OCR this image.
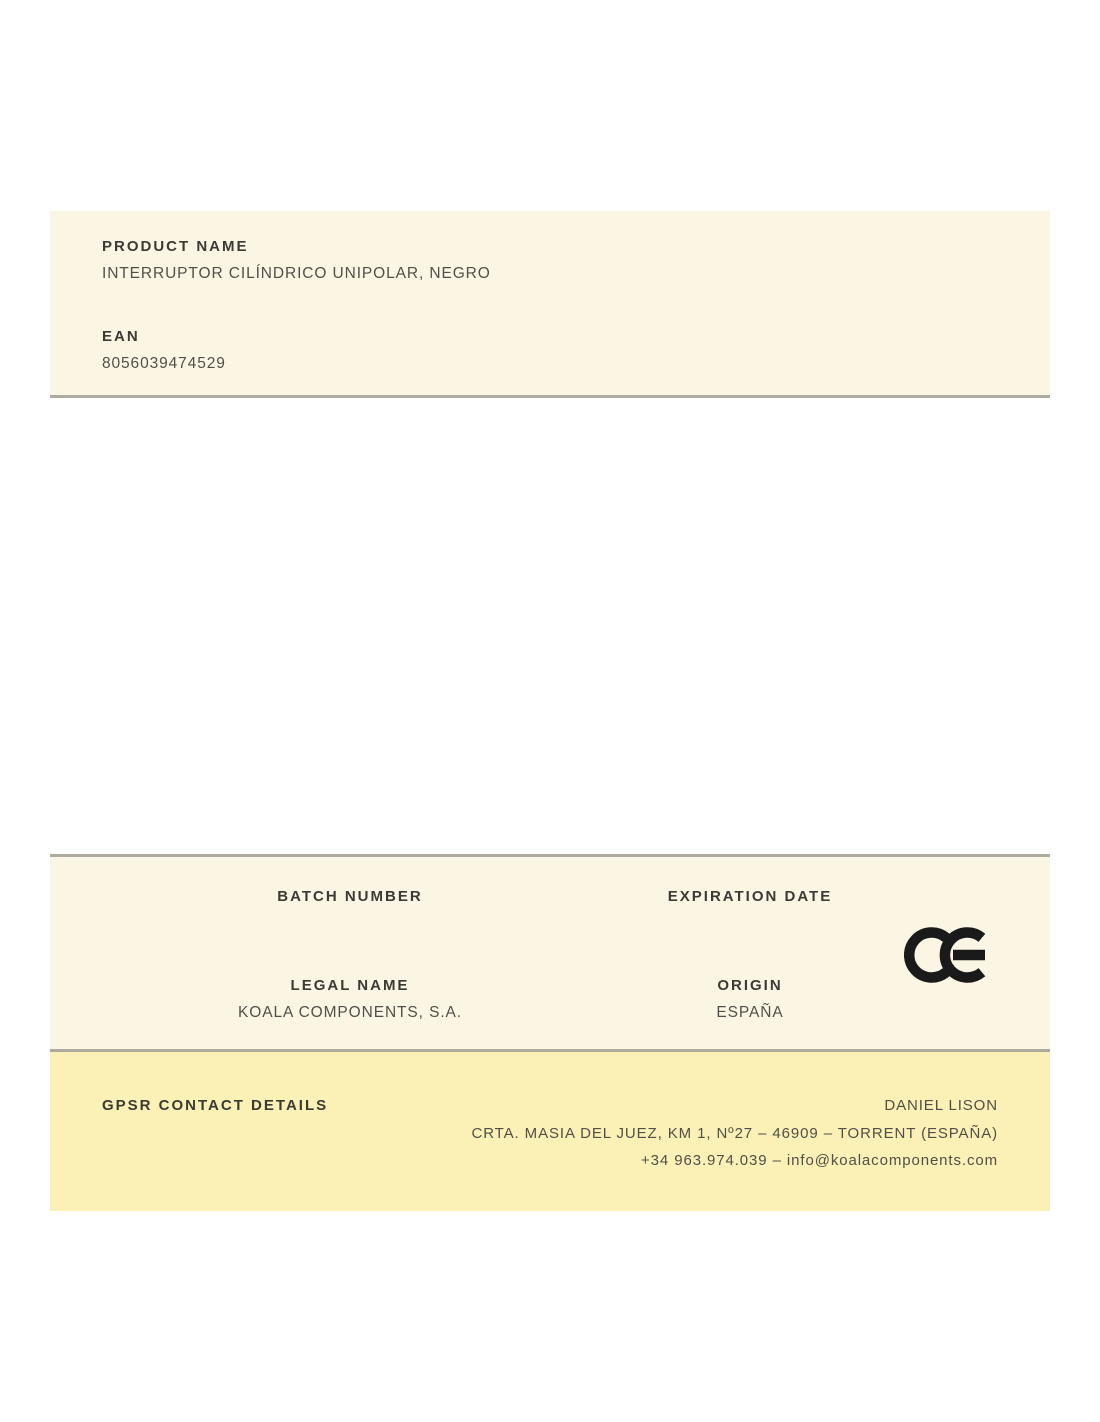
PRODUCT NAME
INTERRUPTOR CILÍNDRICO UNIPOLAR, NEGRO
EAN
8056039474529
BATCH NUMBER
LEGAL NAME
KOALA COMPONENTS, S.A.
EXPIRATION DATE
ORIGIN
ESPAÑA
GPSR CONTACT DETAILS	DANIEL LISON
CRTA. MASIA DEL JUEZ, KM 1, Nº27 – 46909 – TORRENT (ESPAÑA)
+34 963.974.039 – info@koalacomponents.com
